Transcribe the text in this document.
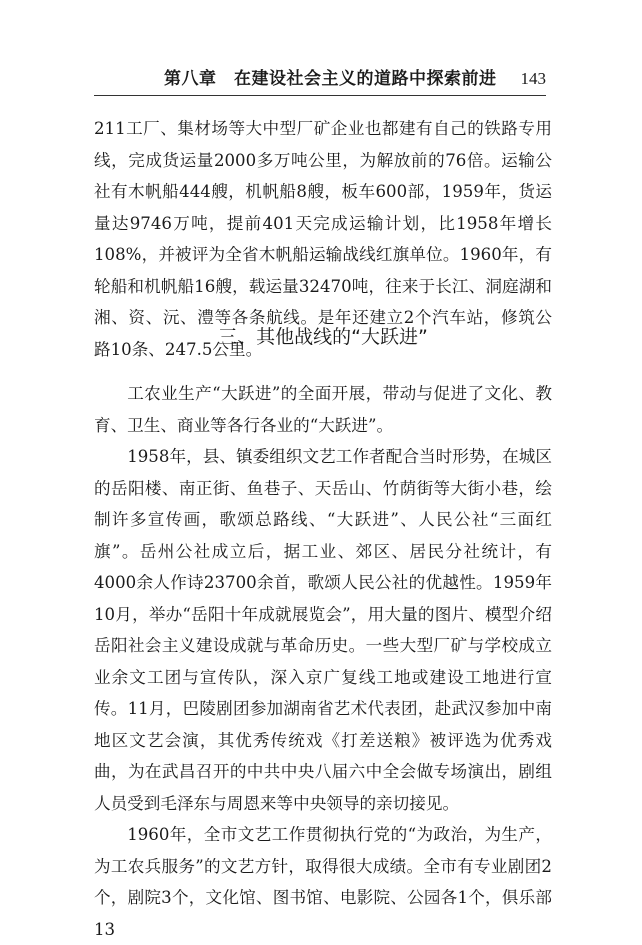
第八章　在建设社会主义的道路中探索前进 143

211工厂、集材场等大中型厂矿企业也都建有自己的铁路专用线，完成货运量2000多万吨公里，为解放前的76倍。运输公社有木帆船444艘，机帆船8艘，板车600部，1959年，货运量达9746万吨，提前401天完成运输计划，比1958年增长108%，并被评为全省木帆船运输战线红旗单位。1960年，有轮船和机帆船16艘，载运量32470吨，往来于长江、洞庭湖和湘、资、沅、澧等各条航线。是年还建立2个汽车站，修筑公路10条、247.5公里。

三、其他战线的“大跃进”

工农业生产“大跃进”的全面开展，带动与促进了文化、教育、卫生、商业等各行各业的“大跃进”。

1958年，县、镇委组织文艺工作者配合当时形势，在城区的岳阳楼、南正街、鱼巷子、天岳山、竹荫街等大街小巷，绘制许多宣传画，歌颂总路线、“大跃进”、人民公社“三面红旗”。岳州公社成立后，据工业、郊区、居民分社统计，有4000余人作诗23700余首，歌颂人民公社的优越性。1959年10月，举办“岳阳十年成就展览会”，用大量的图片、模型介绍岳阳社会主义建设成就与革命历史。一些大型厂矿与学校成立业余文工团与宣传队，深入京广复线工地或建设工地进行宣传。11月，巴陵剧团参加湖南省艺术代表团，赴武汉参加中南地区文艺会演，其优秀传统戏《打差送粮》被评选为优秀戏曲，为在武昌召开的中共中央八届六中全会做专场演出，剧组人员受到毛泽东与周恩来等中央领导的亲切接见。

1960年，全市文艺工作贯彻执行党的“为政治，为生产，为工农兵服务”的文艺方针，取得很大成绩。全市有专业剧团2个，剧院3个，文化馆、图书馆、电影院、公园各1个，俱乐部13
